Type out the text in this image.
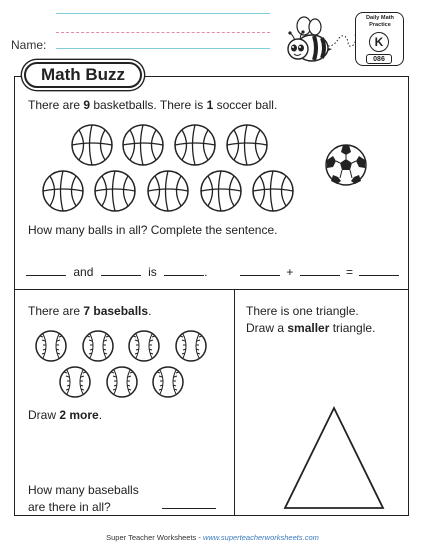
Name:
Daily Math
Practice
K
086
Math Buzz
There are 9 basketballs. There is 1 soccer ball.
How many balls in all? Complete the sentence.
and	is	.	+	=
There are 7 baseballs.
Draw 2 more.
How many baseballs
are there in all?
There is one triangle.
Draw a smaller triangle.
Super Teacher Worksheets - www.superteacherworksheets.com
